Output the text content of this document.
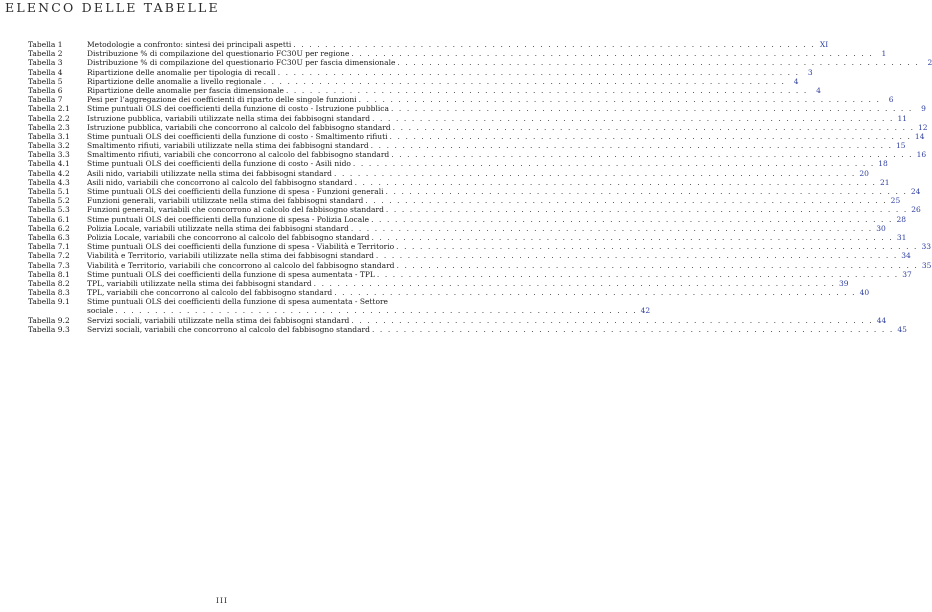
ELENCO DELLE TABELLE
Tabella 1	Metodologie a confronto: sintesi dei principali aspetti . . .	XI
Tabella 2	Distribuzione % di compilazione del questionario FC30U per regione . . .	1
Tabella 3	Distribuzione % di compilazione del questionario FC30U per fascia dimensionale . . .	2
Tabella 4	Ripartizione delle anomalie per tipologia di recall . . .	3
Tabella 5	Ripartizione delle anomalie a livello regionale . . .	4
Tabella 6	Ripartizione delle anomalie per fascia dimensionale . . .	4
Tabella 7	Pesi per l’aggregazione dei coefficienti di riparto delle singole funzioni . . .	6
Tabella 2.1	Stime puntuali OLS dei coefficienti della funzione di costo - Istruzione pubblica . . .	9
Tabella 2.2	Istruzione pubblica, variabili utilizzate nella stima dei fabbisogni standard . . .	11
Tabella 2.3	Istruzione pubblica, variabili che concorrono al calcolo del fabbisogno standard . . .	12
Tabella 3.1	Stime puntuali OLS dei coefficienti della funzione di costo - Smaltimento rifiuti . . .	14
Tabella 3.2	Smaltimento rifiuti, variabili utilizzate nella stima dei fabbisogni standard . . .	15
Tabella 3.3	Smaltimento rifiuti, variabili che concorrono al calcolo del fabbisogno standard . . .	16
Tabella 4.1	Stime puntuali OLS dei coefficienti della funzione di costo - Asili nido . . .	18
Tabella 4.2	Asili nido, variabili utilizzate nella stima dei fabbisogni standard . . .	20
Tabella 4.3	Asili nido, variabili che concorrono al calcolo del fabbisogno standard . . .	21
Tabella 5.1	Stime puntuali OLS dei coefficienti della funzione di spesa - Funzioni generali . . .	24
Tabella 5.2	Funzioni generali, variabili utilizzate nella stima dei fabbisogni standard . . .	25
Tabella 5.3	Funzioni generali, variabili che concorrono al calcolo del fabbisogno standard . . .	26
Tabella 6.1	Stime puntuali OLS dei coefficienti della funzione di spesa - Polizia Locale . . .	28
Tabella 6.2	Polizia Locale, variabili utilizzate nella stima dei fabbisogni standard . . .	30
Tabella 6.3	Polizia Locale, variabili che concorrono al calcolo del fabbisogno standard . . .	31
Tabella 7.1	Stime puntuali OLS dei coefficienti della funzione di spesa - Viabilità e Territorio . . .	33
Tabella 7.2	Viabilità e Territorio, variabili utilizzate nella stima dei fabbisogni standard . . .	34
Tabella 7.3	Viabilità e Territorio, variabili che concorrono al calcolo del fabbisogno standard . . .	35
Tabella 8.1	Stime puntuali OLS dei coefficienti della funzione di spesa aumentata - TPL . . .	37
Tabella 8.2	TPL, variabili utilizzate nella stima dei fabbisogni standard . . .	39
Tabella 8.3	TPL, variabili che concorrono al calcolo del fabbisogno standard . . .	40
Tabella 9.1	Stime puntuali OLS dei coefficienti della funzione di spesa aumentata - Settore
sociale . . .	42
Tabella 9.2	Servizi sociali, variabili utilizzate nella stima dei fabbisogni standard . . .	44
Tabella 9.3	Servizi sociali, variabili che concorrono al calcolo del fabbisogno standard . . .	45
III
